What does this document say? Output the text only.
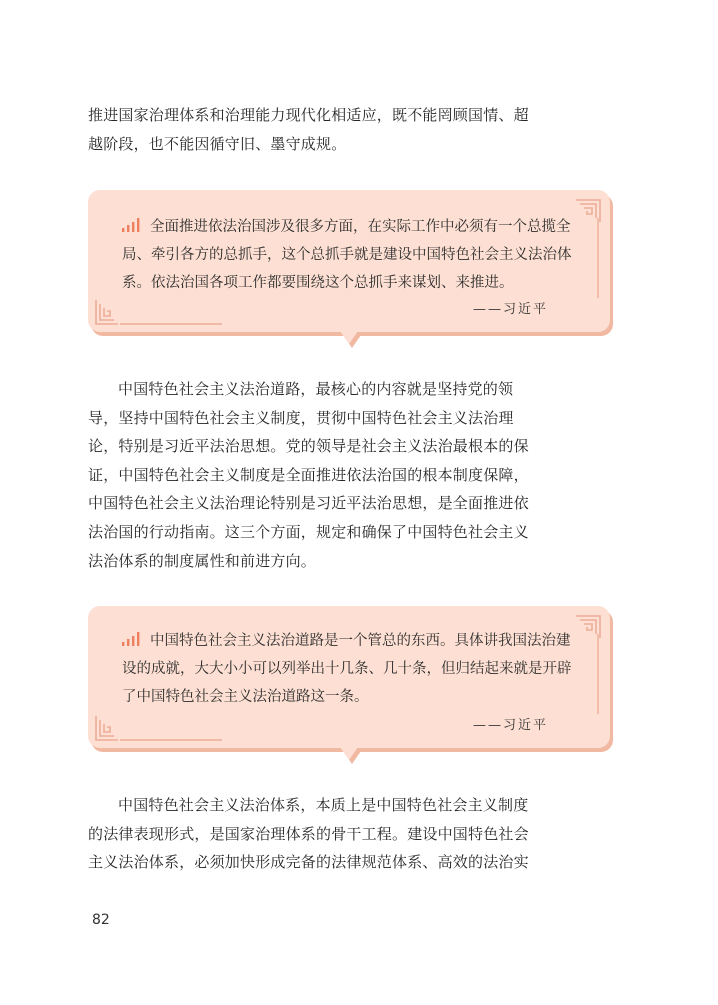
推进国家治理体系和治理能力现代化相适应，既不能罔顾国情、超
越阶段，也不能因循守旧、墨守成规。
全面推进依法治国涉及很多方面，在实际工作中必须有一个总揽全
局、牵引各方的总抓手，这个总抓手就是建设中国特色社会主义法治体
系。依法治国各项工作都要围绕这个总抓手来谋划、来推进。
——习近平
中国特色社会主义法治道路，最核心的内容就是坚持党的领
导，坚持中国特色社会主义制度，贯彻中国特色社会主义法治理
论，特别是习近平法治思想。党的领导是社会主义法治最根本的保
证，中国特色社会主义制度是全面推进依法治国的根本制度保障，
中国特色社会主义法治理论特别是习近平法治思想，是全面推进依
法治国的行动指南。这三个方面，规定和确保了中国特色社会主义
法治体系的制度属性和前进方向。
中国特色社会主义法治道路是一个管总的东西。具体讲我国法治建
设的成就，大大小小可以列举出十几条、几十条，但归结起来就是开辟
了中国特色社会主义法治道路这一条。
——习近平
中国特色社会主义法治体系，本质上是中国特色社会主义制度
的法律表现形式，是国家治理体系的骨干工程。建设中国特色社会
主义法治体系，必须加快形成完备的法律规范体系、高效的法治实
82
